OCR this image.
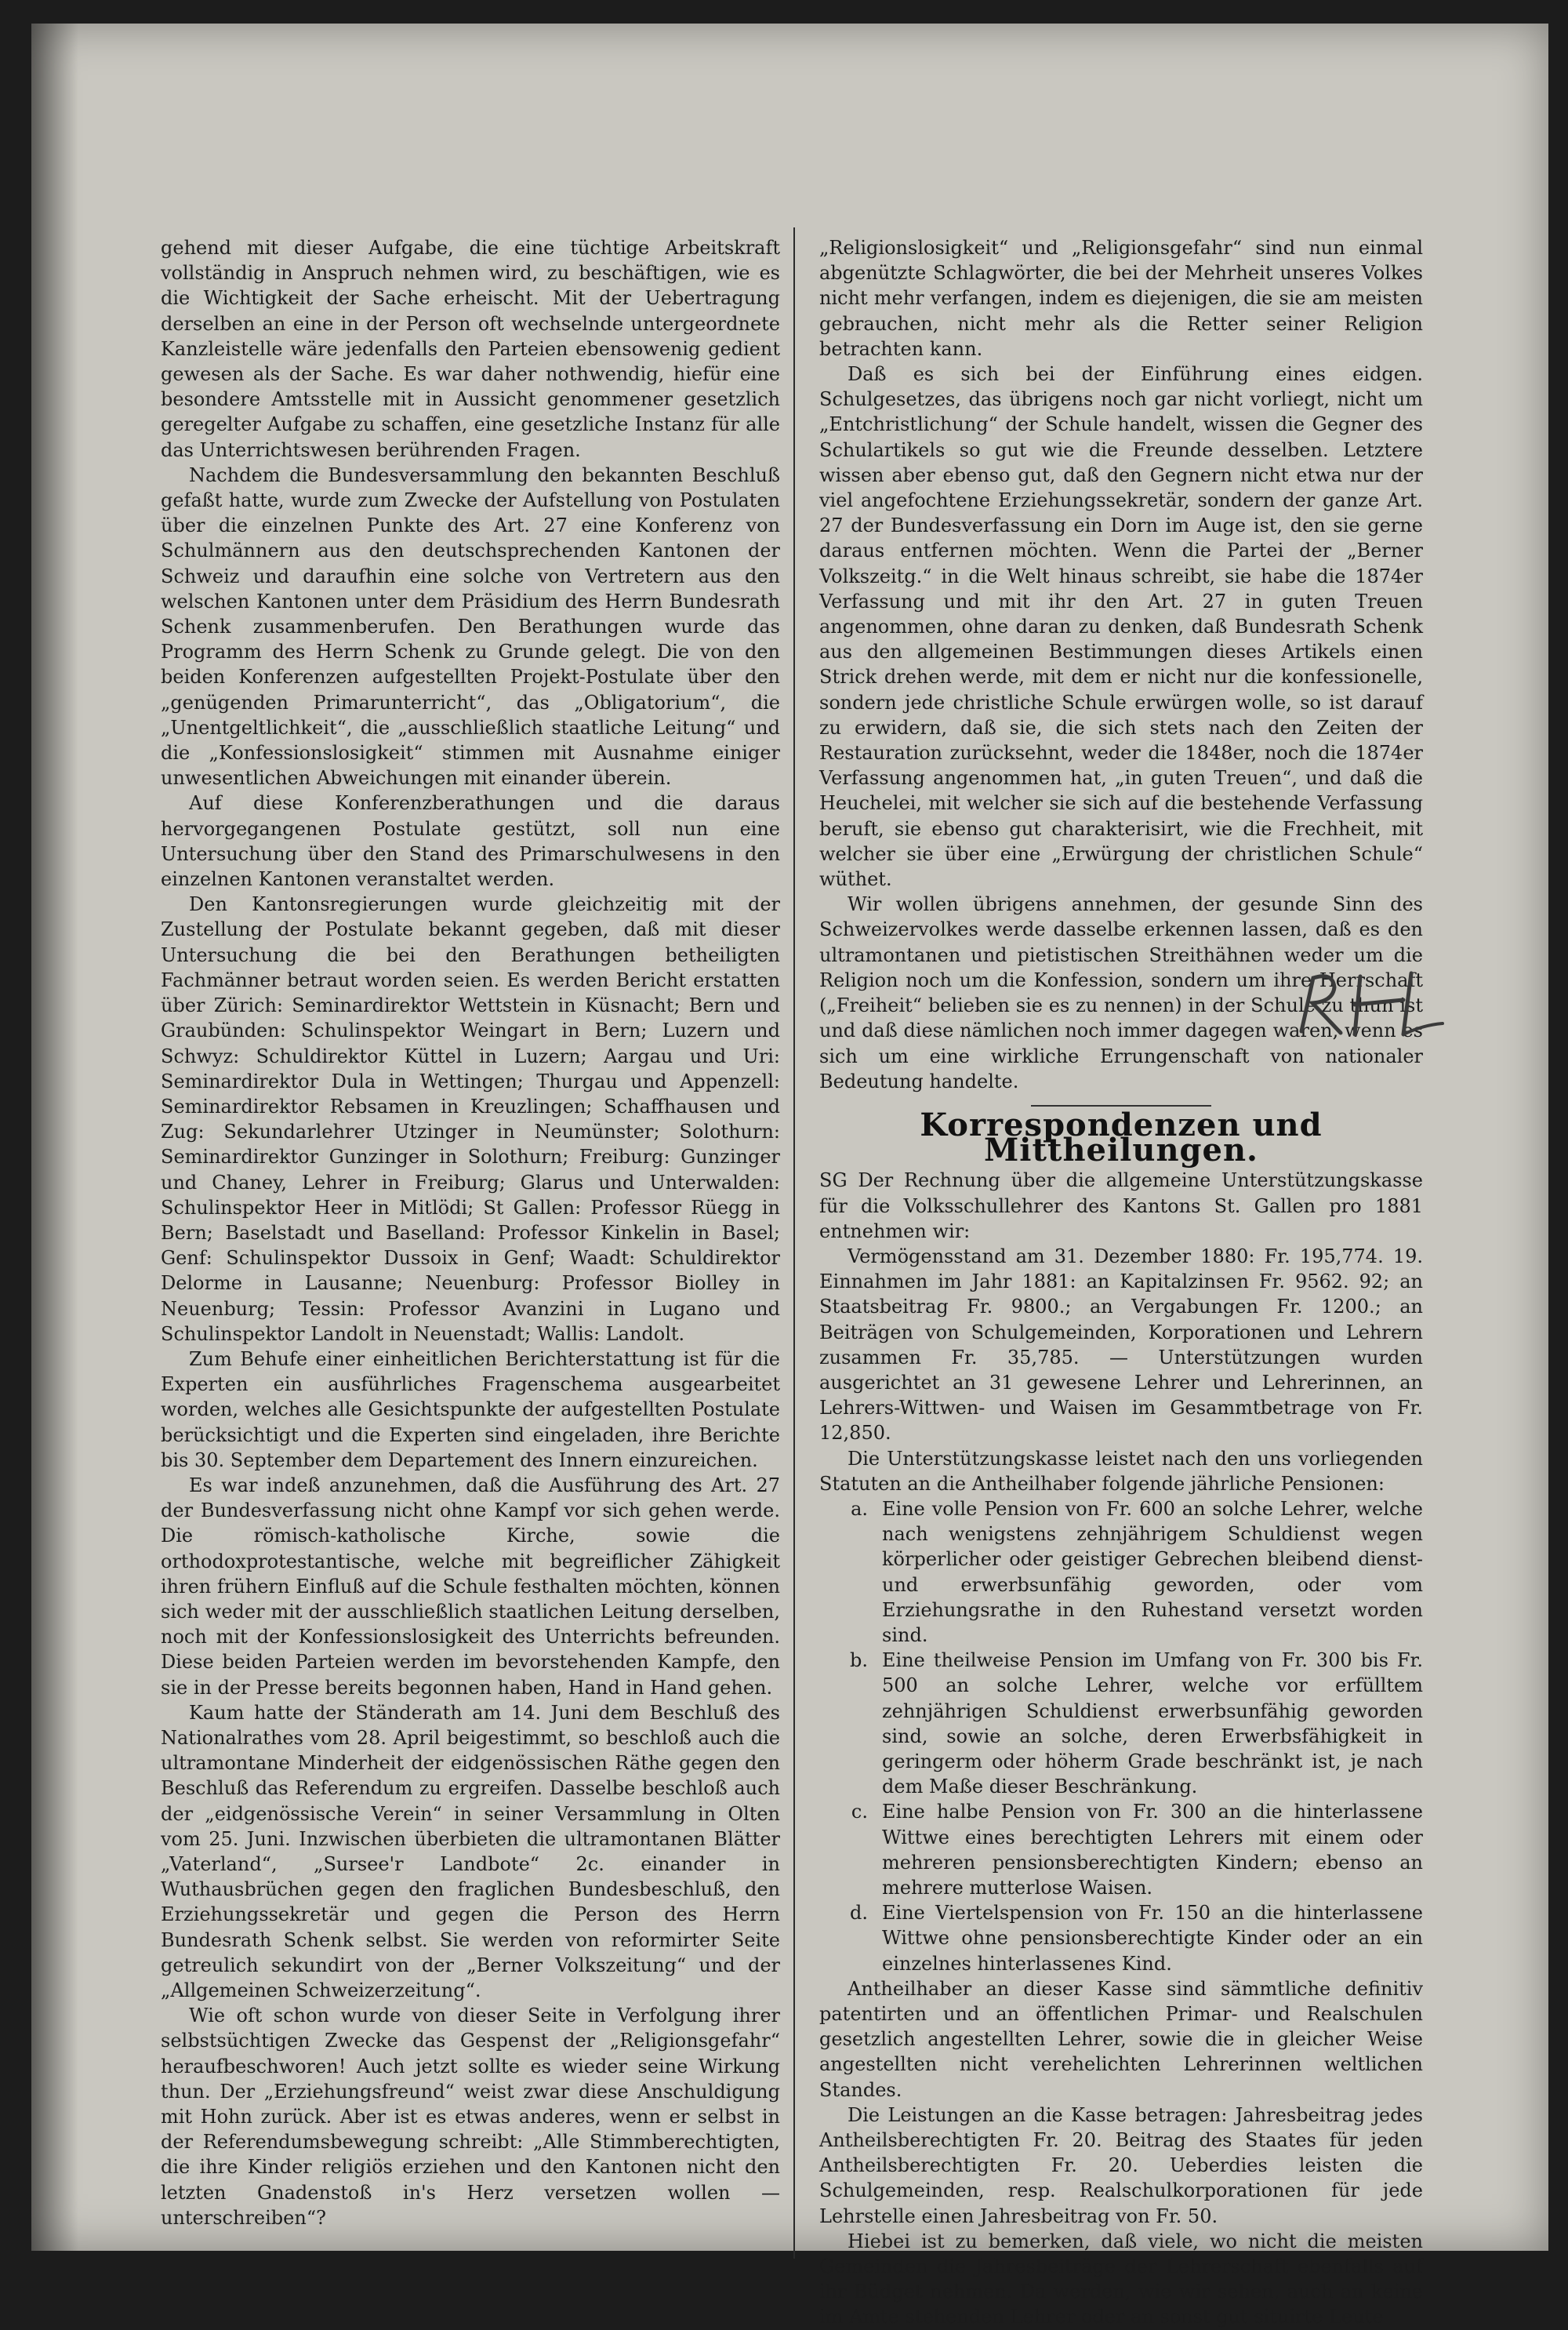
gehend mit dieser Aufgabe, die eine tüchtige Arbeitskraft vollständig in Anspruch nehmen wird, zu beschäftigen, wie es die Wichtigkeit der Sache erheischt. Mit der Uebertragung derselben an eine in der Person oft wechselnde untergeordnete Kanzleistelle wäre jedenfalls den Parteien ebensowenig gedient gewesen als der Sache. Es war daher nothwendig, hiefür eine besondere Amtsstelle mit in Aussicht genommener gesetzlich geregelter Aufgabe zu schaffen, eine gesetzliche Instanz für alle das Unterrichtswesen berührenden Fragen.

Nachdem die Bundesversammlung den bekannten Beschluß gefaßt hatte, wurde zum Zwecke der Aufstellung von Postulaten über die einzelnen Punkte des Art. 27 eine Konferenz von Schulmännern aus den deutschsprechenden Kantonen der Schweiz und daraufhin eine solche von Vertretern aus den welschen Kantonen unter dem Präsidium des Herrn Bundesrath Schenk zusammenberufen. Den Berathungen wurde das Programm des Herrn Schenk zu Grunde gelegt. Die von den beiden Konferenzen aufgestellten Projekt-Postulate über den „genügenden Primarunterricht“, das „Obligatorium“, die „Unentgeltlichkeit“, die „ausschließlich staatliche Leitung“ und die „Konfessionslosigkeit“ stimmen mit Ausnahme einiger unwesentlichen Abweichungen mit einander überein.

Auf diese Konferenzberathungen und die daraus hervorgegangenen Postulate gestützt, soll nun eine Untersuchung über den Stand des Primarschulwesens in den einzelnen Kantonen veranstaltet werden.

Den Kantonsregierungen wurde gleichzeitig mit der Zustellung der Postulate bekannt gegeben, daß mit dieser Untersuchung die bei den Berathungen betheiligten Fachmänner betraut worden seien. Es werden Bericht erstatten über Zürich: Seminardirektor Wettstein in Küsnacht; Bern und Graubünden: Schulinspektor Weingart in Bern; Luzern und Schwyz: Schuldirektor Küttel in Luzern; Aargau und Uri: Seminardirektor Dula in Wettingen; Thurgau und Appenzell: Seminardirektor Rebsamen in Kreuzlingen; Schaffhausen und Zug: Sekundarlehrer Utzinger in Neumünster; Solothurn: Seminardirektor Gunzinger in Solothurn; Freiburg: Gunzinger und Chaney, Lehrer in Freiburg; Glarus und Unterwalden: Schulinspektor Heer in Mitlödi; St Gallen: Professor Rüegg in Bern; Baselstadt und Baselland: Professor Kinkelin in Basel; Genf: Schulinspektor Dussoix in Genf; Waadt: Schuldirektor Delorme in Lausanne; Neuenburg: Professor Biolley in Neuenburg; Tessin: Professor Avanzini in Lugano und Schulinspektor Landolt in Neuenstadt; Wallis: Landolt.

Zum Behufe einer einheitlichen Berichterstattung ist für die Experten ein ausführliches Fragenschema ausgearbeitet worden, welches alle Gesichtspunkte der aufgestellten Postulate berücksichtigt und die Experten sind eingeladen, ihre Berichte bis 30. September dem Departement des Innern einzureichen.

Es war indeß anzunehmen, daß die Ausführung des Art. 27 der Bundesverfassung nicht ohne Kampf vor sich gehen werde. Die römisch-katholische Kirche, sowie die orthodoxprotestantische, welche mit begreiflicher Zähigkeit ihren frühern Einfluß auf die Schule festhalten möchten, können sich weder mit der ausschließlich staatlichen Leitung derselben, noch mit der Konfessionslosigkeit des Unterrichts befreunden. Diese beiden Parteien werden im bevorstehenden Kampfe, den sie in der Presse bereits begonnen haben, Hand in Hand gehen.

Kaum hatte der Ständerath am 14. Juni dem Beschluß des Nationalrathes vom 28. April beigestimmt, so beschloß auch die ultramontane Minderheit der eidgenössischen Räthe gegen den Beschluß das Referendum zu ergreifen. Dasselbe beschloß auch der „eidgenössische Verein“ in seiner Versammlung in Olten vom 25. Juni. Inzwischen überbieten die ultramontanen Blätter „Vaterland“, „Sursee'r Landbote“ 2c. einander in Wuthausbrüchen gegen den fraglichen Bundesbeschluß, den Erziehungssekretär und gegen die Person des Herrn Bundesrath Schenk selbst. Sie werden von reformirter Seite getreulich sekundirt von der „Berner Volkszeitung“ und der „Allgemeinen Schweizerzeitung“.

Wie oft schon wurde von dieser Seite in Verfolgung ihrer selbstsüchtigen Zwecke das Gespenst der „Religionsgefahr“ heraufbeschworen! Auch jetzt sollte es wieder seine Wirkung thun. Der „Erziehungsfreund“ weist zwar diese Anschuldigung mit Hohn zurück. Aber ist es etwas anderes, wenn er selbst in der Referendumsbewegung schreibt: „Alle Stimmberechtigten, die ihre Kinder religiös erziehen und den Kantonen nicht den letzten Gnadenstoß in's Herz versetzen wollen — unterschreiben“?

„Religionslosigkeit“ und „Religionsgefahr“ sind nun einmal abgenützte Schlagwörter, die bei der Mehrheit unseres Volkes nicht mehr verfangen, indem es diejenigen, die sie am meisten gebrauchen, nicht mehr als die Retter seiner Religion betrachten kann.

Daß es sich bei der Einführung eines eidgen. Schulgesetzes, das übrigens noch gar nicht vorliegt, nicht um „Entchristlichung“ der Schule handelt, wissen die Gegner des Schulartikels so gut wie die Freunde desselben. Letztere wissen aber ebenso gut, daß den Gegnern nicht etwa nur der viel angefochtene Erziehungssekretär, sondern der ganze Art. 27 der Bundesverfassung ein Dorn im Auge ist, den sie gerne daraus entfernen möchten. Wenn die Partei der „Berner Volkszeitg.“ in die Welt hinaus schreibt, sie habe die 1874er Verfassung und mit ihr den Art. 27 in guten Treuen angenommen, ohne daran zu denken, daß Bundesrath Schenk aus den allgemeinen Bestimmungen dieses Artikels einen Strick drehen werde, mit dem er nicht nur die konfessionelle, sondern jede christliche Schule erwürgen wolle, so ist darauf zu erwidern, daß sie, die sich stets nach den Zeiten der Restauration zurücksehnt, weder die 1848er, noch die 1874er Verfassung angenommen hat, „in guten Treuen“, und daß die Heuchelei, mit welcher sie sich auf die bestehende Verfassung beruft, sie ebenso gut charakterisirt, wie die Frechheit, mit welcher sie über eine „Erwürgung der christlichen Schule“ wüthet.

Wir wollen übrigens annehmen, der gesunde Sinn des Schweizervolkes werde dasselbe erkennen lassen, daß es den ultramontanen und pietistischen Streithähnen weder um die Religion noch um die Konfession, sondern um ihre Herrschaft („Freiheit“ belieben sie es zu nennen) in der Schule zu thun ist und daß diese nämlichen noch immer dagegen waren, wenn es sich um eine wirkliche Errungenschaft von nationaler Bedeutung handelte.

Korrespondenzen und Mittheilungen.

SG Der Rechnung über die allgemeine Unterstützungskasse für die Volksschullehrer des Kantons St. Gallen pro 1881 entnehmen wir:

Vermögensstand am 31. Dezember 1880: Fr. 195,774. 19. Einnahmen im Jahr 1881: an Kapitalzinsen Fr. 9562. 92; an Staatsbeitrag Fr. 9800.; an Vergabungen Fr. 1200.; an Beiträgen von Schulgemeinden, Korporationen und Lehrern zusammen Fr. 35,785. — Unterstützungen wurden ausgerichtet an 31 gewesene Lehrer und Lehrerinnen, an Lehrers-Wittwen- und Waisen im Gesammtbetrage von Fr. 12,850.

Die Unterstützungskasse leistet nach den uns vorliegenden Statuten an die Antheilhaber folgende jährliche Pensionen:

a. Eine volle Pension von Fr. 600 an solche Lehrer, welche nach wenigstens zehnjährigem Schuldienst wegen körperlicher oder geistiger Gebrechen bleibend dienst- und erwerbsunfähig geworden, oder vom Erziehungsrathe in den Ruhestand versetzt worden sind.
b. Eine theilweise Pension im Umfang von Fr. 300 bis Fr. 500 an solche Lehrer, welche vor erfülltem zehnjährigen Schuldienst erwerbsunfähig geworden sind, sowie an solche, deren Erwerbsfähigkeit in geringerm oder höherm Grade beschränkt ist, je nach dem Maße dieser Beschränkung.
c. Eine halbe Pension von Fr. 300 an die hinterlassene Wittwe eines berechtigten Lehrers mit einem oder mehreren pensionsberechtigten Kindern; ebenso an mehrere mutterlose Waisen.
d. Eine Viertelspension von Fr. 150 an die hinterlassene Wittwe ohne pensionsberechtigte Kinder oder an ein einzelnes hinterlassenes Kind.

Antheilhaber an dieser Kasse sind sämmtliche definitiv patentirten und an öffentlichen Primar- und Realschulen gesetzlich angestellten Lehrer, sowie die in gleicher Weise angestellten nicht verehelichten Lehrerinnen weltlichen Standes.

Die Leistungen an die Kasse betragen: Jahresbeitrag jedes Antheilsberechtigten Fr. 20. Beitrag des Staates für jeden Antheilsberechtigten Fr. 20. Ueberdies leisten die Schulgemeinden, resp. Realschulkorporationen für jede Lehrstelle einen Jahresbeitrag von Fr. 50.

Hiebei ist zu bemerken, daß viele, wo nicht die meisten Gemeinden die Jahresbeiträge der Lehrerschaft ebenfalls auf ihr Büdget nehmen. Da werden, wie wir sehen, auch an keine im Amte stehenden Lehrer oder an sonst gut situirte Leute
